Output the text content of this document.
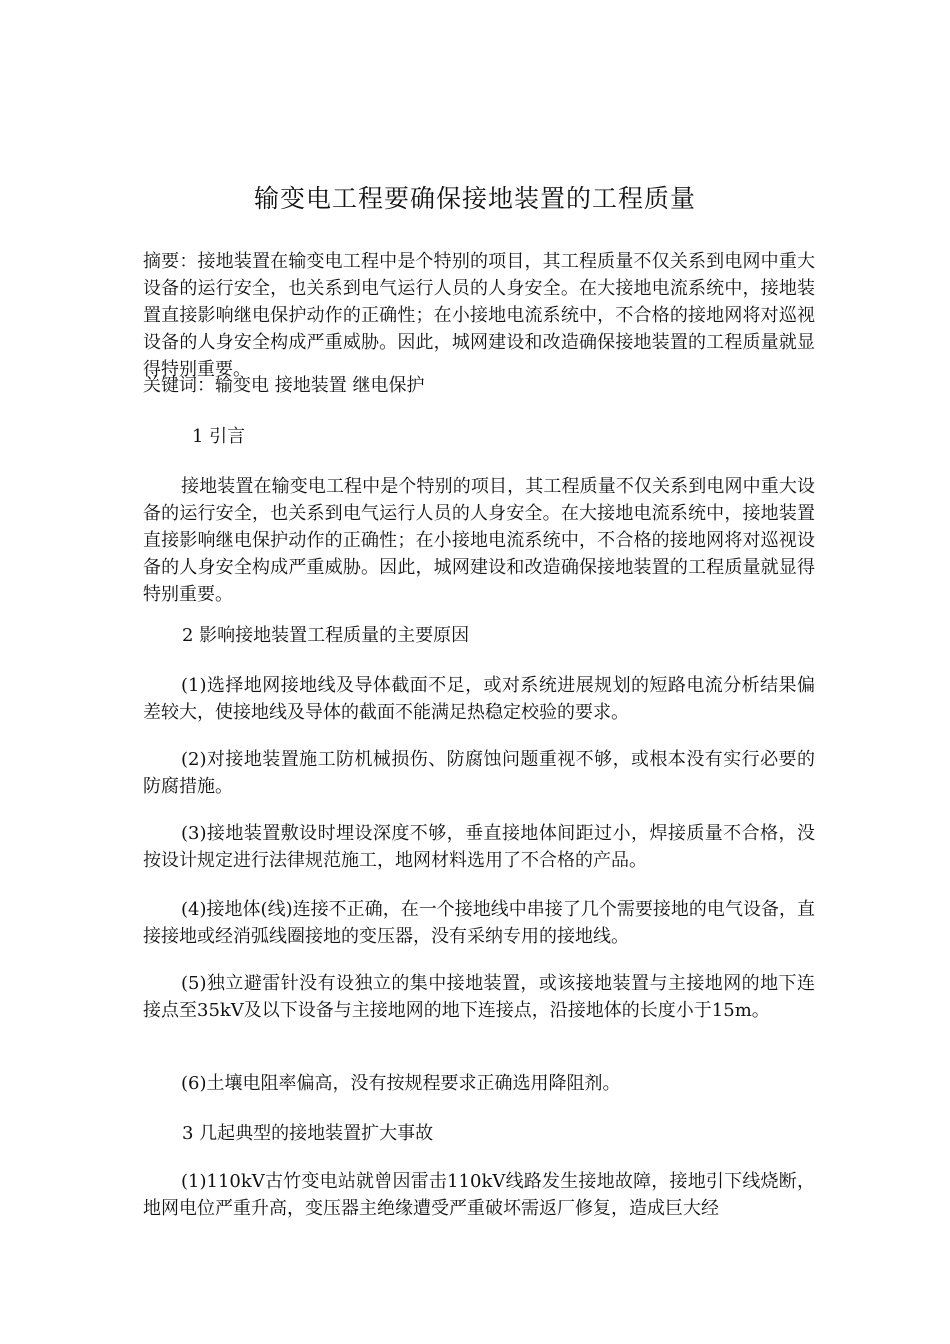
输变电工程要确保接地装置的工程质量

摘要：接地装置在输变电工程中是个特别的项目，其工程质量不仅关系到电网中重大设备的运行安全，也关系到电气运行人员的人身安全。在大接地电流系统中，接地装置直接影响继电保护动作的正确性；在小接地电流系统中，不合格的接地网将对巡视设备的人身安全构成严重威胁。因此，城网建设和改造确保接地装置的工程质量就显得特别重要。

关键词：输变电 接地装置 继电保护

1 引言

接地装置在输变电工程中是个特别的项目，其工程质量不仅关系到电网中重大设备的运行安全，也关系到电气运行人员的人身安全。在大接地电流系统中，接地装置直接影响继电保护动作的正确性；在小接地电流系统中，不合格的接地网将对巡视设备的人身安全构成严重威胁。因此，城网建设和改造确保接地装置的工程质量就显得特别重要。

2 影响接地装置工程质量的主要原因

(1)选择地网接地线及导体截面不足，或对系统进展规划的短路电流分析结果偏差较大，使接地线及导体的截面不能满足热稳定校验的要求。

(2)对接地装置施工防机械损伤、防腐蚀问题重视不够，或根本没有实行必要的防腐措施。

(3)接地装置敷设时埋设深度不够，垂直接地体间距过小，焊接质量不合格，没按设计规定进行法律规范施工，地网材料选用了不合格的产品。

(4)接地体(线)连接不正确，在一个接地线中串接了几个需要接地的电气设备，直接接地或经消弧线圈接地的变压器，没有采纳专用的接地线。

(5)独立避雷针没有设独立的集中接地装置，或该接地装置与主接地网的地下连接点至35kV及以下设备与主接地网的地下连接点，沿接地体的长度小于15m。

(6)土壤电阻率偏高，没有按规程要求正确选用降阻剂。

3 几起典型的接地装置扩大事故

(1)110kV古竹变电站就曾因雷击110kV线路发生接地故障，接地引下线烧断，地网电位严重升高，变压器主绝缘遭受严重破坏需返厂修复，造成巨大经
